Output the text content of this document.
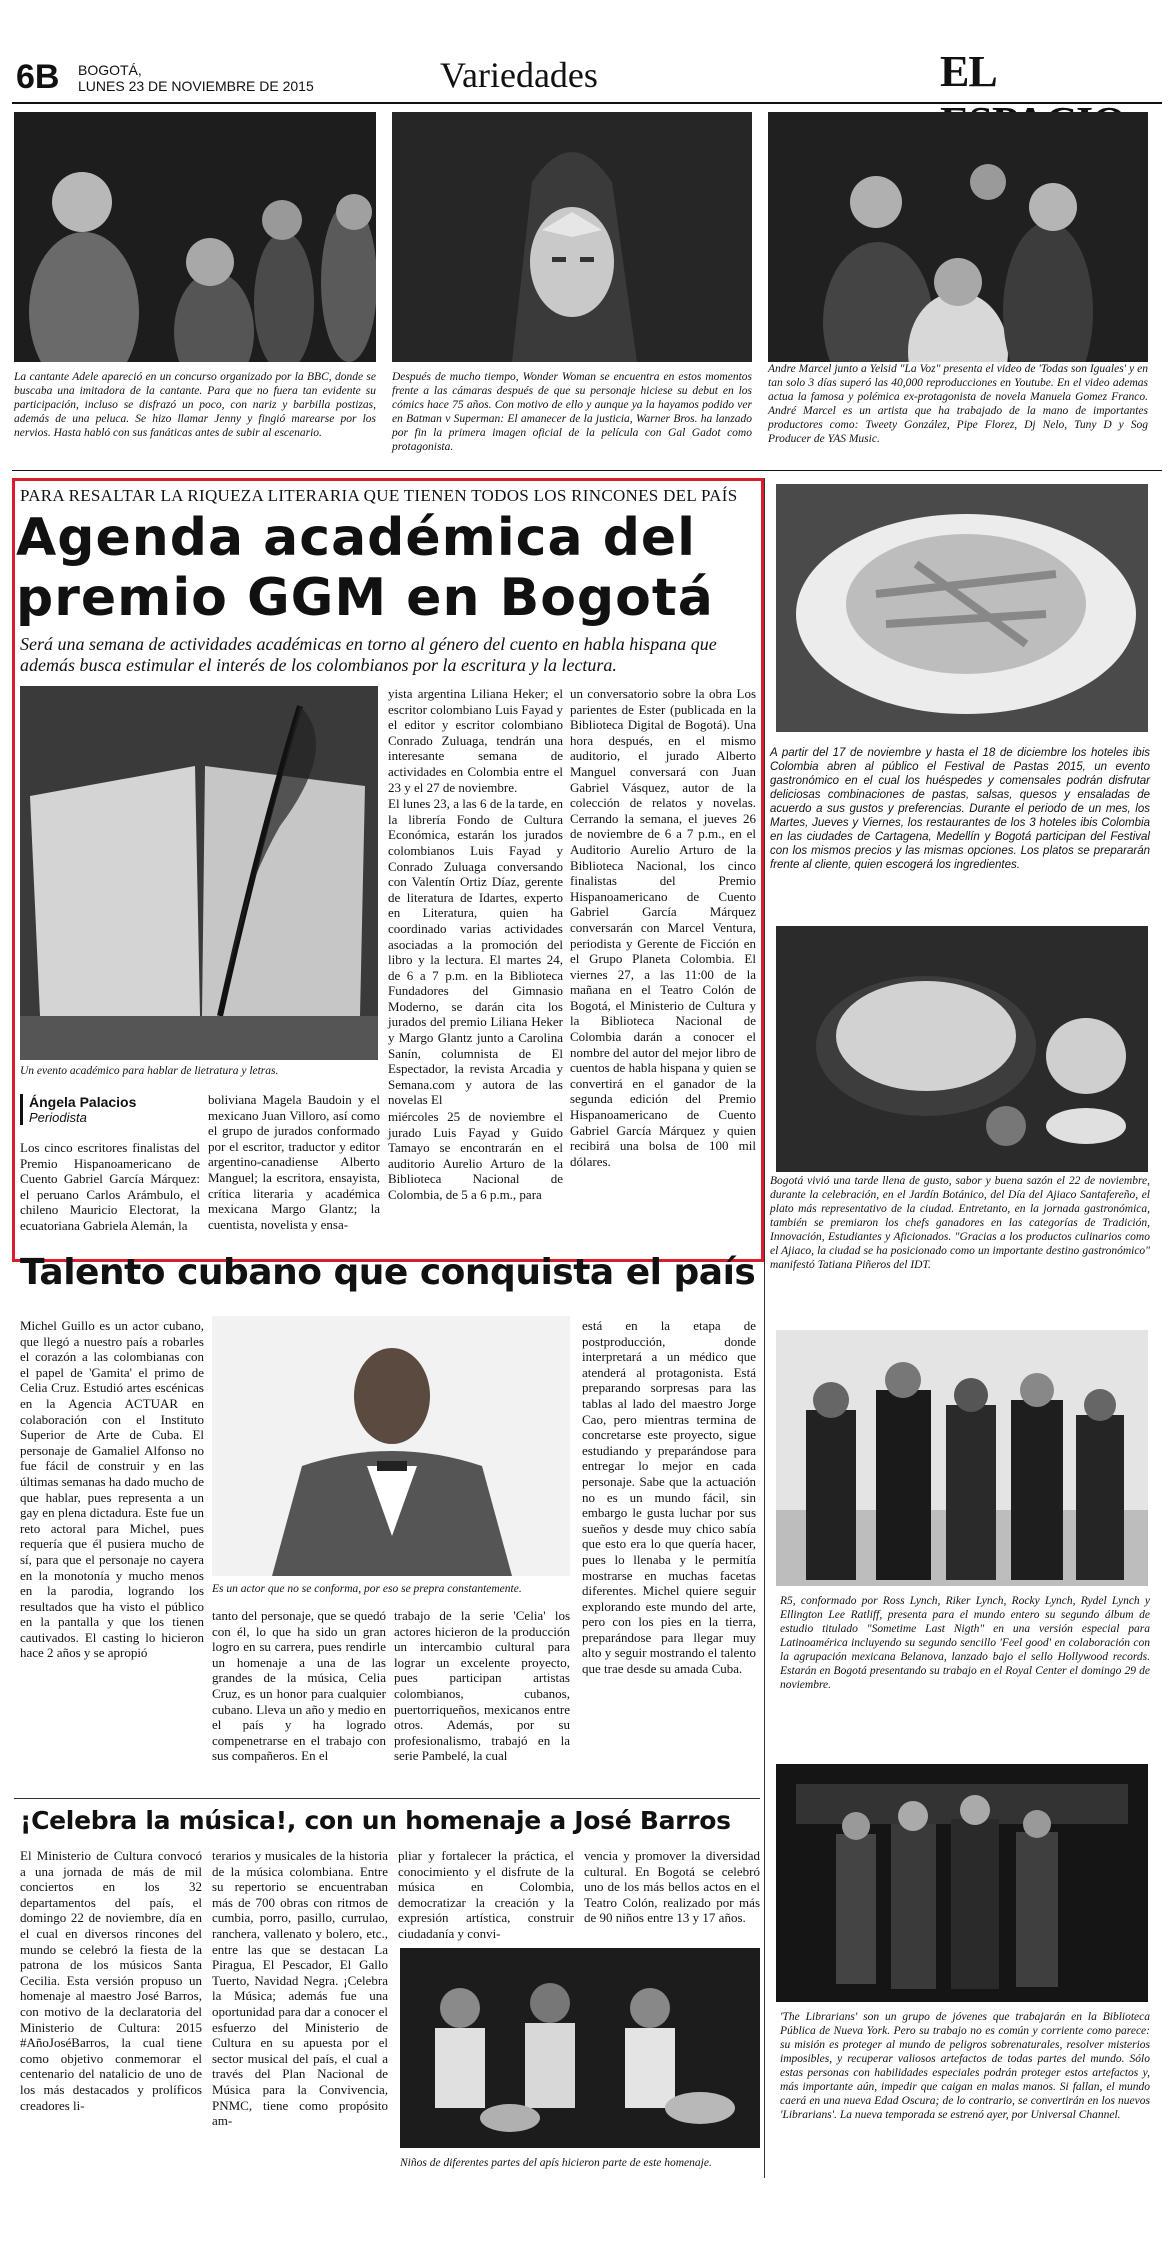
6B BOGOTÁ,
LUNES 23 DE NOVIEMBRE DE 2015	Variedades	EL

La cantante Adele apareció en un concurso organizado por la BBC, donde se buscaba una imitadora de la cantante. Para que no fuera tan evidente su participación, incluso se disfrazó un poco, con nariz y barbilla postizas, además de una peluca. Se hizo llamar Jenny y fingió marearse por los nervios. Hasta habló con sus fanáticas antes de subir al escenario.

Después de mucho tiempo, Wonder Woman se encuentra en estos momentos frente a las cámaras después de que su personaje hiciese su debut en los cómics hace 75 años. Con motivo de ello y aunque ya la hayamos podido ver en Batman v Superman: El amanecer de la justicia, Warner Bros. ha lanzado por fin la primera imagen oficial de la película con Gal Gadot como protagonista.

Andre Marcel junto a Yelsid "La Voz" presenta el video de 'Todas son Iguales' y en tan solo 3 días superó las 40,000 reproducciones en Youtube. En el video ademas actua la famosa y polémica ex-protagonista de novela Manuela Gomez Franco. André Marcel es un artista que ha trabajado de la mano de importantes productores como: Tweety González, Pipe Florez, Dj Nelo, Tuny D y Sog Producer de YAS Music.

PARA RESALTAR LA RIQUEZA LITERARIA QUE TIENEN TODOS LOS RINCONES DEL PAÍS
Agenda académica del
premio GGM en Bogotá

Será una semana de actividades académicas en torno al género del cuento en habla hispana que además busca estimular el interés de los colombianos por la escritura y la lectura.

Un evento académico para hablar de lietratura y letras.

Ángela Palacios
Periodista

Los cinco escritores finalistas del Premio Hispanoamericano de Cuento Gabriel García Márquez: el peruano Carlos Arámbulo, el chileno Mauricio Electorat, la ecuatoriana Gabriela Alemán, la

boliviana Magela Baudoin y el mexicano Juan Villoro, así como el grupo de jurados conformado por el escritor, traductor y editor argentino-canadiense Alberto Manguel; la escritora, ensayista, crítica literaria y académica mexicana Margo Glantz; la cuentista, novelista y ensa-

yista argentina Liliana Heker; el escritor colombiano Luis Fayad y el editor y escritor colombiano Conrado Zuluaga, tendrán una interesante semana de actividades en Colombia entre el 23 y el 27 de noviembre.

El lunes 23, a las 6 de la tarde, en la librería Fondo de Cultura Económica, estarán los jurados colombianos Luis Fayad y Conrado Zuluaga conversando con Valentín Ortiz Díaz, gerente de literatura de Idartes, experto en Literatura, quien ha coordinado varias actividades asociadas a la promoción del libro y la lectura. El martes 24, de 6 a 7 p.m. en la Biblioteca Fundadores del Gimnasio Moderno, se darán cita los jurados del premio Liliana Heker y Margo Glantz junto a Carolina Sanín, columnista de El Espectador, la revista Arcadia y Semana.com y autora de las novelas El

miércoles 25 de noviembre el jurado Luis Fayad y Guido Tamayo se encontrarán en el auditorio Aurelio Arturo de la Biblioteca Nacional de Colombia, de 5 a 6 p.m., para

un conversatorio sobre la obra Los parientes de Ester (publicada en la Biblioteca Digital de Bogotá). Una hora después, en el mismo auditorio, el jurado Alberto Manguel conversará con Juan Gabriel Vásquez, autor de la colección de relatos y novelas. Cerrando la semana, el jueves 26 de noviembre de 6 a 7 p.m., en el Auditorio Aurelio Arturo de la Biblioteca Nacional, los cinco finalistas del Premio Hispanoamericano de Cuento Gabriel García Márquez conversarán con Marcel Ventura, periodista y Gerente de Ficción en el Grupo Planeta Colombia. El viernes 27, a las 11:00 de la mañana en el Teatro Colón de Bogotá, el Ministerio de Cultura y la Biblioteca Nacional de Colombia darán a conocer el nombre del autor del mejor libro de cuentos de habla hispana y quien se convertirá en el ganador de la segunda edición del Premio Hispanoamericano de Cuento Gabriel García Márquez y quien recibirá una bolsa de 100 mil dólares.

A partir del 17 de noviembre y hasta el 18 de diciembre los hoteles ibis Colombia abren al público el Festival de Pastas 2015, un evento gastronómico en el cual los huéspedes y comensales podrán disfrutar deliciosas combinaciones de pastas, salsas, quesos y ensaladas de acuerdo a sus gustos y preferencias. Durante el periodo de un mes, los Martes, Jueves y Viernes, los restaurantes de los 3 hoteles ibis Colombia en las ciudades de Cartagena, Medellín y Bogotá participan del Festival con los mismos precios y las mismas opciones. Los platos se prepararán frente al cliente, quien escogerá los ingredientes.

Bogotá vivió una tarde llena de gusto, sabor y buena sazón el 22 de noviembre, durante la celebración, en el Jardín Botánico, del Día del Ajiaco Santafereño, el plato más representativo de la ciudad. Entretanto, en la jornada gastronómica, también se premiaron los chefs ganadores en las categorías de Tradición, Innovación, Estudiantes y Aficionados. "Gracias a los productos culinarios como el Ajiaco, la ciudad se ha posicionado como un importante destino gastronómico" manifestó Tatiana Piñeros del IDT.

R5, conformado por Ross Lynch, Riker Lynch, Rocky Lynch, Rydel Lynch y Ellington Lee Ratliff, presenta para el mundo entero su segundo álbum de estudio titulado "Sometime Last Nigth" en una versión especial para Latinoamérica incluyendo su segundo sencillo 'Feel good' en colaboración con la agrupación mexicana Belanova, lanzado bajo el sello Hollywood records. Estarán en Bogotá presentando su trabajo en el Royal Center el domingo 29 de noviembre.

'The Librarians' son un grupo de jóvenes que trabajarán en la Biblioteca Pública de Nueva York. Pero su trabajo no es común y corriente como parece: su misión es proteger al mundo de peligros sobrenaturales, resolver misterios imposibles, y recuperar valiosos artefactos de todas partes del mundo. Sólo estas personas con habilidades especiales podrán proteger estos artefactos y, más importante aún, impedir que caigan en malas manos. Si fallan, el mundo caerá en una nueva Edad Oscura; de lo contrario, se convertirán en los nuevos 'Librarians'. La nueva temporada se estrenó ayer, por Universal Channel.

Talento cubano que conquista el país

Michel Guillo es un actor cubano, que llegó a nuestro país a robarles el corazón a las colombianas con el papel de 'Gamita' el primo de Celia Cruz. Estudió artes escénicas en la Agencia ACTUAR en colaboración con el Instituto Superior de Arte de Cuba. El personaje de Gamaliel Alfonso no fue fácil de construir y en las últimas semanas ha dado mucho de que hablar, pues representa a un gay en plena dictadura. Este fue un reto actoral para Michel, pues requería que él pusiera mucho de sí, para que el personaje no cayera en la monotonía y mucho menos en la parodia, logrando los resultados que ha visto el público en la pantalla y que los tienen cautivados. El casting lo hicieron hace 2 años y se apropió

Es un actor que no se conforma, por eso se prepra constantemente.

tanto del personaje, que se quedó con él, lo que ha sido un gran logro en su carrera, pues rendirle un homenaje a una de las grandes de la música, Celia Cruz, es un honor para cualquier cubano. Lleva un año y medio en el país y ha logrado compenetrarse en el trabajo con sus compañeros. En el

trabajo de la serie 'Celia' los actores hicieron de la producción un intercambio cultural para lograr un excelente proyecto, pues participan artistas colombianos, cubanos, puertorriqueños, mexicanos entre otros. Además, por su profesionalismo, trabajó en la serie Pambelé, la cual

está en la etapa de postproducción, donde interpretará a un médico que atenderá al protagonista. Está preparando sorpresas para las tablas al lado del maestro Jorge Cao, pero mientras termina de concretarse este proyecto, sigue estudiando y preparándose para entregar lo mejor en cada personaje. Sabe que la actuación no es un mundo fácil, sin embargo le gusta luchar por sus sueños y desde muy chico sabía que esto era lo que quería hacer, pues lo llenaba y le permitía mostrarse en muchas facetas diferentes. Michel quiere seguir explorando este mundo del arte, pero con los pies en la tierra, preparándose para llegar muy alto y seguir mostrando el talento que trae desde su amada Cuba.

¡Celebra la música!, con un homenaje a José Barros

El Ministerio de Cultura convocó a una jornada de más de mil conciertos en los 32 departamentos del país, el domingo 22 de noviembre, día en el cual en diversos rincones del mundo se celebró la fiesta de la patrona de los músicos Santa Cecilia. Esta versión propuso un homenaje al maestro José Barros, con motivo de la declaratoria del Ministerio de Cultura: 2015 #AñoJoséBarros, la cual tiene como objetivo conmemorar el centenario del natalicio de uno de los más destacados y prolíficos creadores li-

terarios y musicales de la historia de la música colombiana. Entre su repertorio se encuentraban más de 700 obras con ritmos de cumbia, porro, pasillo, currulao, ranchera, vallenato y bolero, etc., entre las que se destacan La Piragua, El Pescador, El Gallo Tuerto, Navidad Negra. ¡Celebra la Música; además fue una oportunidad para dar a conocer el esfuerzo del Ministerio de Cultura en su apuesta por el sector musical del país, el cual a través del Plan Nacional de Música para la Convivencia, PNMC, tiene como propósito am-

pliar y fortalecer la práctica, el conocimiento y el disfrute de la música en Colombia, democratizar la creación y la expresión artística, construir ciudadanía y convi-

vencia y promover la diversidad cultural. En Bogotá se celebró uno de los más bellos actos en el Teatro Colón, realizado por más de 90 niños entre 13 y 17 años.

Niños de diferentes partes del apís hicieron parte de este homenaje.
